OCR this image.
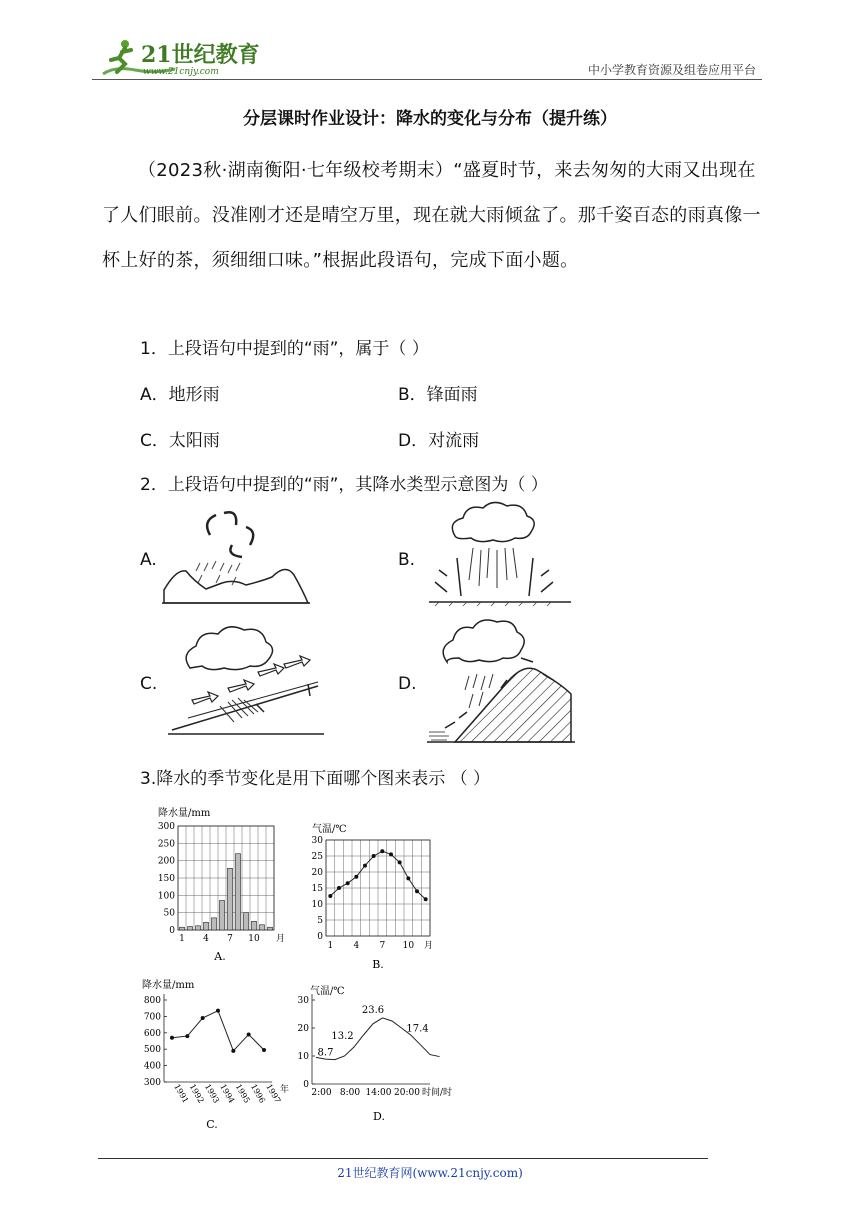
21世纪教育
www.21cnjy.com	中小学教育资源及组卷应用平台
分层课时作业设计：降水的变化与分布（提升练）
（2023秋·湖南衡阳·七年级校考期末）“盛夏时节，来去匆匆的大雨又出现在了人们眼前。没准刚才还是晴空万里，现在就大雨倾盆了。那千姿百态的雨真像一杯上好的茶，须细细口味。”根据此段语句，完成下面小题。
1．上段语句中提到的“雨”，属于（ ）
A．地形雨	B．锋面雨
C．太阳雨	D．对流雨
2．上段语句中提到的“雨”，其降水类型示意图为（ ）
A.	B.
C.	D.
3.降水的季节变化是用下面哪个图来表示 （ ）
降水量/mm
0
50
100
150
200
250
300
1 4 7 10 月
A.
气温/℃
0
5
10
15
20
25
30
1 4 7 10 月
B.
降水量/mm
300
400
500
600
700
800
1991
1992
1993
1994
1995
1996
1997
年
C.
气温/℃
0
10
20
30
8.7
13.2
23.6
17.4
2:00 8:00 14:00 20:00 时间/时
D.
21世纪教育网(www.21cnjy.com)
